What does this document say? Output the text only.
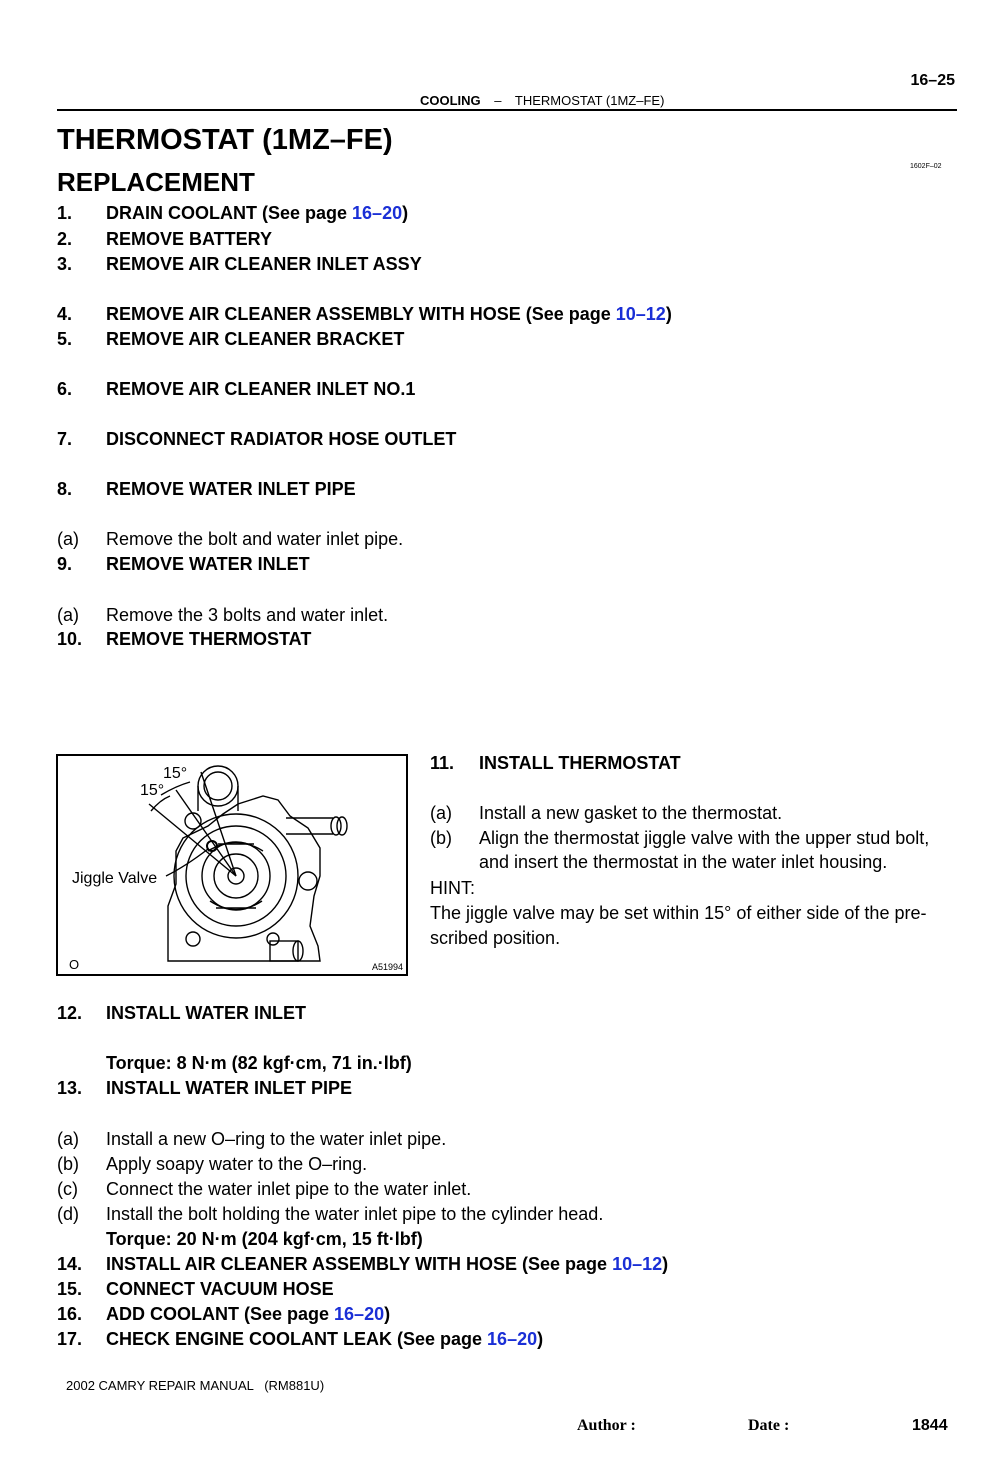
16–25
COOLING – THERMOSTAT (1MZ–FE)
THERMOSTAT (1MZ–FE)
1602F–02
REPLACEMENT
1. DRAIN COOLANT (See page 16–20)
2. REMOVE BATTERY
3. REMOVE AIR CLEANER INLET ASSY
4. REMOVE AIR CLEANER ASSEMBLY WITH HOSE (See page 10–12)
5. REMOVE AIR CLEANER BRACKET
6. REMOVE AIR CLEANER INLET NO.1
7. DISCONNECT RADIATOR HOSE OUTLET
8. REMOVE WATER INLET PIPE
(a) Remove the bolt and water inlet pipe.
9. REMOVE WATER INLET
(a) Remove the 3 bolts and water inlet.
10. REMOVE THERMOSTAT
15°
15°
Jiggle Valve
O	A51994
11. INSTALL THERMOSTAT
(a) Install a new gasket to the thermostat.
(b) Align the thermostat jiggle valve with the upper stud bolt,
and insert the thermostat in the water inlet housing.
HINT:
The jiggle valve may be set within 15° of either side of the pre-
scribed position.
12. INSTALL WATER INLET
Torque: 8 N·m (82 kgf·cm, 71 in.·lbf)
13. INSTALL WATER INLET PIPE
(a) Install a new O–ring to the water inlet pipe.
(b) Apply soapy water to the O–ring.
(c) Connect the water inlet pipe to the water inlet.
(d) Install the bolt holding the water inlet pipe to the cylinder head.
Torque: 20 N·m (204 kgf·cm, 15 ft·lbf)
14. INSTALL AIR CLEANER ASSEMBLY WITH HOSE (See page 10–12)
15. CONNECT VACUUM HOSE
16. ADD COOLANT (See page 16–20)
17. CHECK ENGINE COOLANT LEAK (See page 16–20)
2002 CAMRY REPAIR MANUAL   (RM881U)
Author :	Date :	1844
